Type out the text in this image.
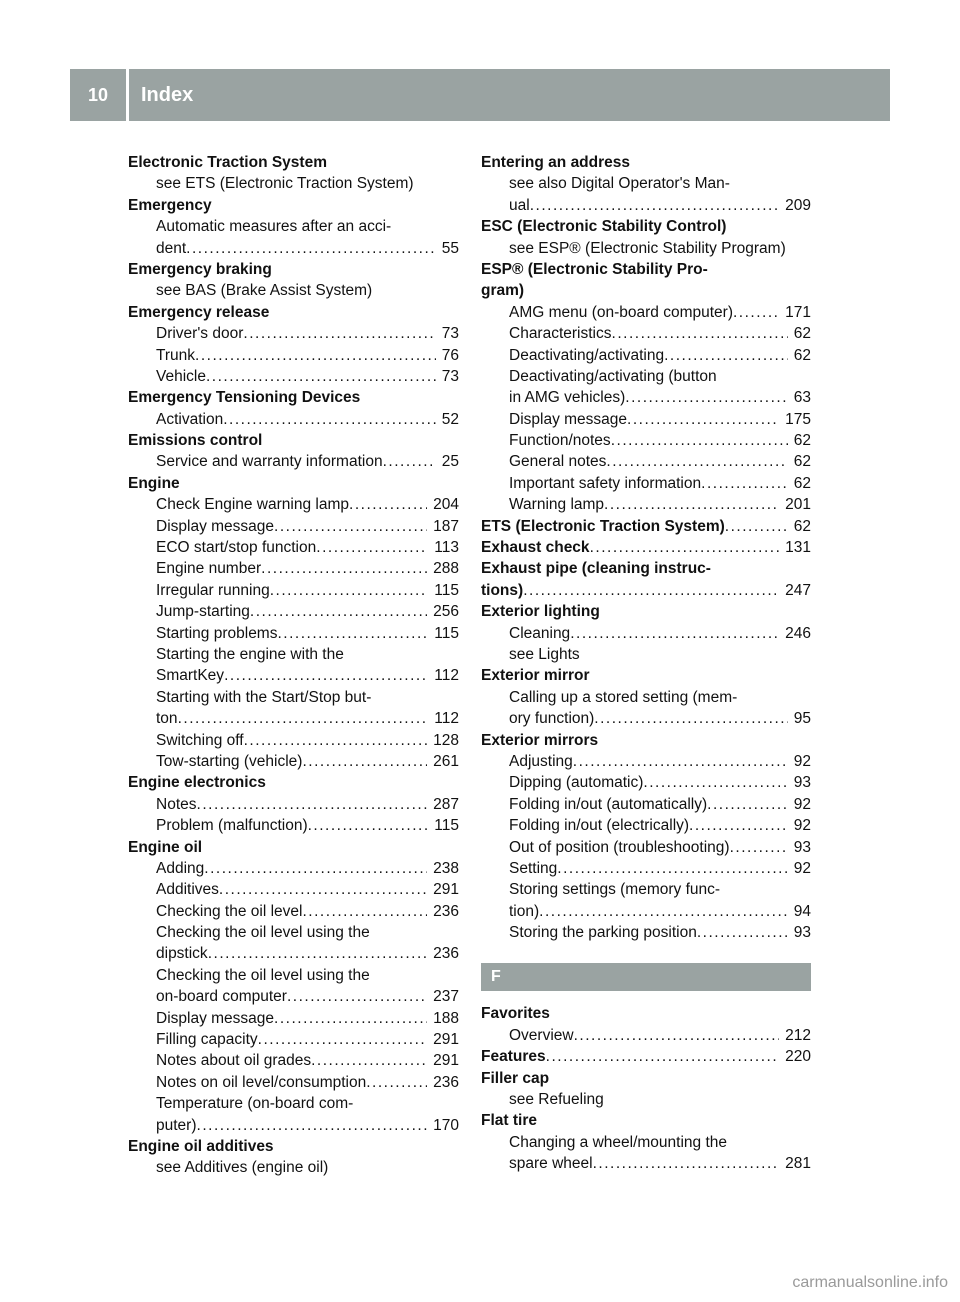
10	Index
Electronic Traction System
see ETS (Electronic Traction System)
Emergency
Automatic measures after an acci-
dent . . .	55
Emergency braking
see BAS (Brake Assist System)
Emergency release
Driver's door . . .	73
Trunk . . .	76
Vehicle . . .	73
Emergency Tensioning Devices
Activation . . .	52
Emissions control
Service and warranty information . . .	25
Engine
Check Engine warning lamp . . .	204
Display message . . .	187
ECO start/stop function . . .	113
Engine number . . .	288
Irregular running . . .	115
Jump-starting . . .	256
Starting problems . . .	115
Starting the engine with the
SmartKey . . .	112
Starting with the Start/Stop but-
ton . . .	112
Switching off . . .	128
Tow-starting (vehicle) . . .	261
Engine electronics
Notes . . .	287
Problem (malfunction) . . .	115
Engine oil
Adding . . .	238
Additives . . .	291
Checking the oil level . . .	236
Checking the oil level using the
dipstick . . .	236
Checking the oil level using the
on-board computer . . .	237
Display message . . .	188
Filling capacity . . .	291
Notes about oil grades . . .	291
Notes on oil level/consumption . . .	236
Temperature (on-board com-
puter) . . .	170
Engine oil additives
see Additives (engine oil)
Entering an address
see also Digital Operator's Man-
ual . . .	209
ESC (Electronic Stability Control)
see ESP® (Electronic Stability Program)
ESP® (Electronic Stability Pro-
gram)
AMG menu (on-board computer) . . .	171
Characteristics . . .	62
Deactivating/activating . . .	62
Deactivating/activating (button
in AMG vehicles) . . .	63
Display message . . .	175
Function/notes . . .	62
General notes . . .	62
Important safety information . . .	62
Warning lamp . . .	201
ETS (Electronic Traction System) . . .	62
Exhaust check . . .	131
Exhaust pipe (cleaning instruc-
tions) . . .	247
Exterior lighting
Cleaning . . .	246
see Lights
Exterior mirror
Calling up a stored setting (mem-
ory function) . . .	95
Exterior mirrors
Adjusting . . .	92
Dipping (automatic) . . .	93
Folding in/out (automatically) . . .	92
Folding in/out (electrically) . . .	92
Out of position (troubleshooting) . . .	93
Setting . . .	92
Storing settings (memory func-
tion) . . .	94
Storing the parking position . . .	93
F
Favorites
Overview . . .	212
Features . . .	220
Filler cap
see Refueling
Flat tire
Changing a wheel/mounting the
spare wheel . . .	281
carmanualsonline.info
